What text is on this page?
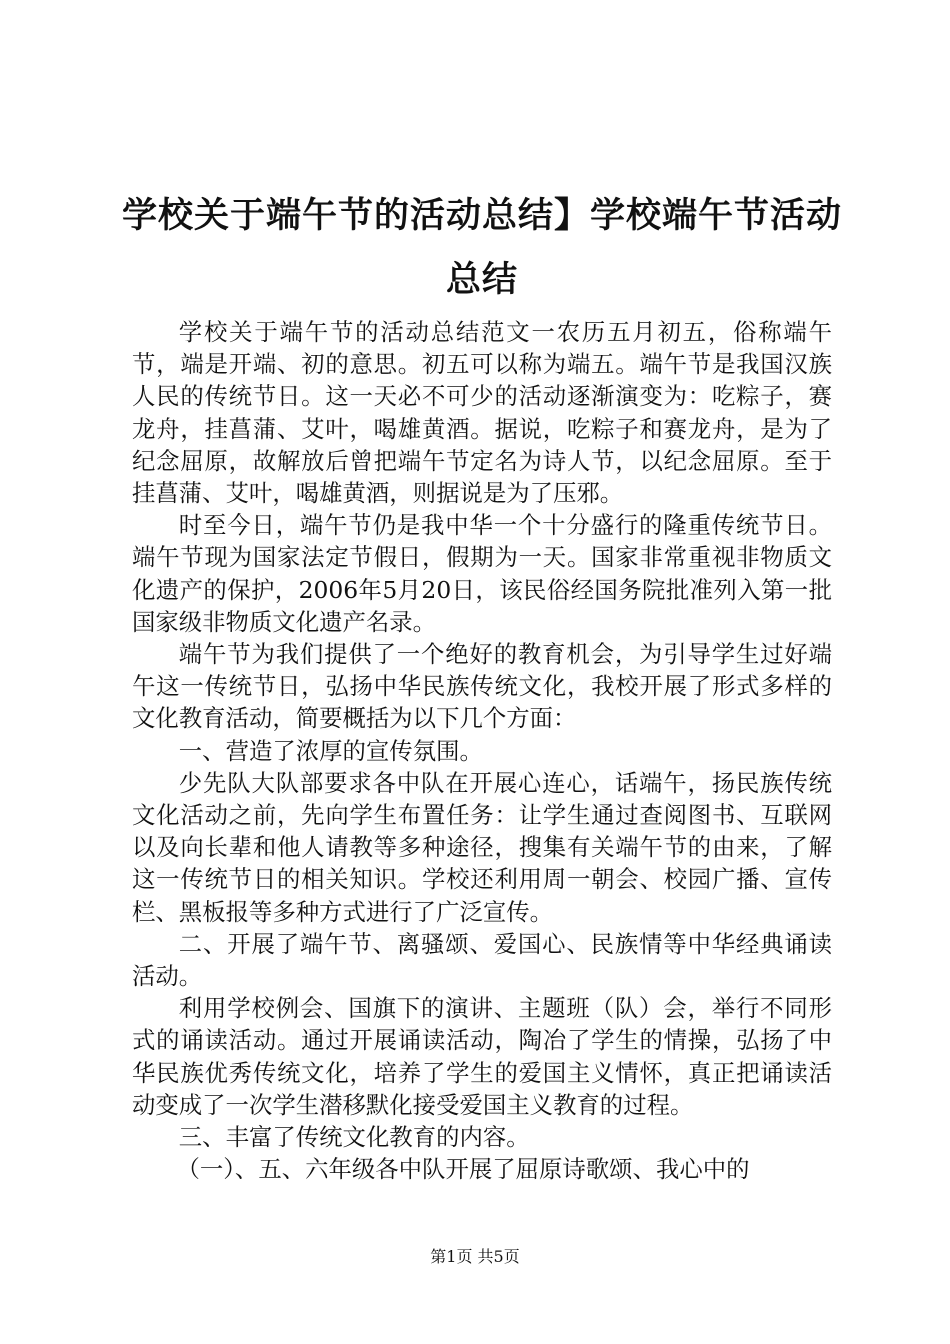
学校关于端午节的活动总结】学校端午节活动总结

学校关于端午节的活动总结范文一农历五月初五，俗称端午节，端是开端、初的意思。初五可以称为端五。端午节是我国汉族人民的传统节日。这一天必不可少的活动逐渐演变为：吃粽子，赛龙舟，挂菖蒲、艾叶，喝雄黄酒。据说，吃粽子和赛龙舟，是为了纪念屈原，故解放后曾把端午节定名为诗人节，以纪念屈原。至于挂菖蒲、艾叶，喝雄黄酒，则据说是为了压邪。

时至今日，端午节仍是我中华一个十分盛行的隆重传统节日。端午节现为国家法定节假日，假期为一天。国家非常重视非物质文化遗产的保护，2006年5月20日，该民俗经国务院批准列入第一批国家级非物质文化遗产名录。

端午节为我们提供了一个绝好的教育机会，为引导学生过好端午这一传统节日，弘扬中华民族传统文化，我校开展了形式多样的文化教育活动，简要概括为以下几个方面：

一、营造了浓厚的宣传氛围。

少先队大队部要求各中队在开展心连心，话端午，扬民族传统文化活动之前，先向学生布置任务：让学生通过查阅图书、互联网以及向长辈和他人请教等多种途径，搜集有关端午节的由来，了解这一传统节日的相关知识。学校还利用周一朝会、校园广播、宣传栏、黑板报等多种方式进行了广泛宣传。

二、开展了端午节、离骚颂、爱国心、民族情等中华经典诵读活动。

利用学校例会、国旗下的演讲、主题班（队）会，举行不同形式的诵读活动。通过开展诵读活动，陶冶了学生的情操，弘扬了中华民族优秀传统文化，培养了学生的爱国主义情怀，真正把诵读活动变成了一次学生潜移默化接受爱国主义教育的过程。

三、丰富了传统文化教育的内容。

（一）、五、六年级各中队开展了屈原诗歌颂、我心中的

第1页 共5页
